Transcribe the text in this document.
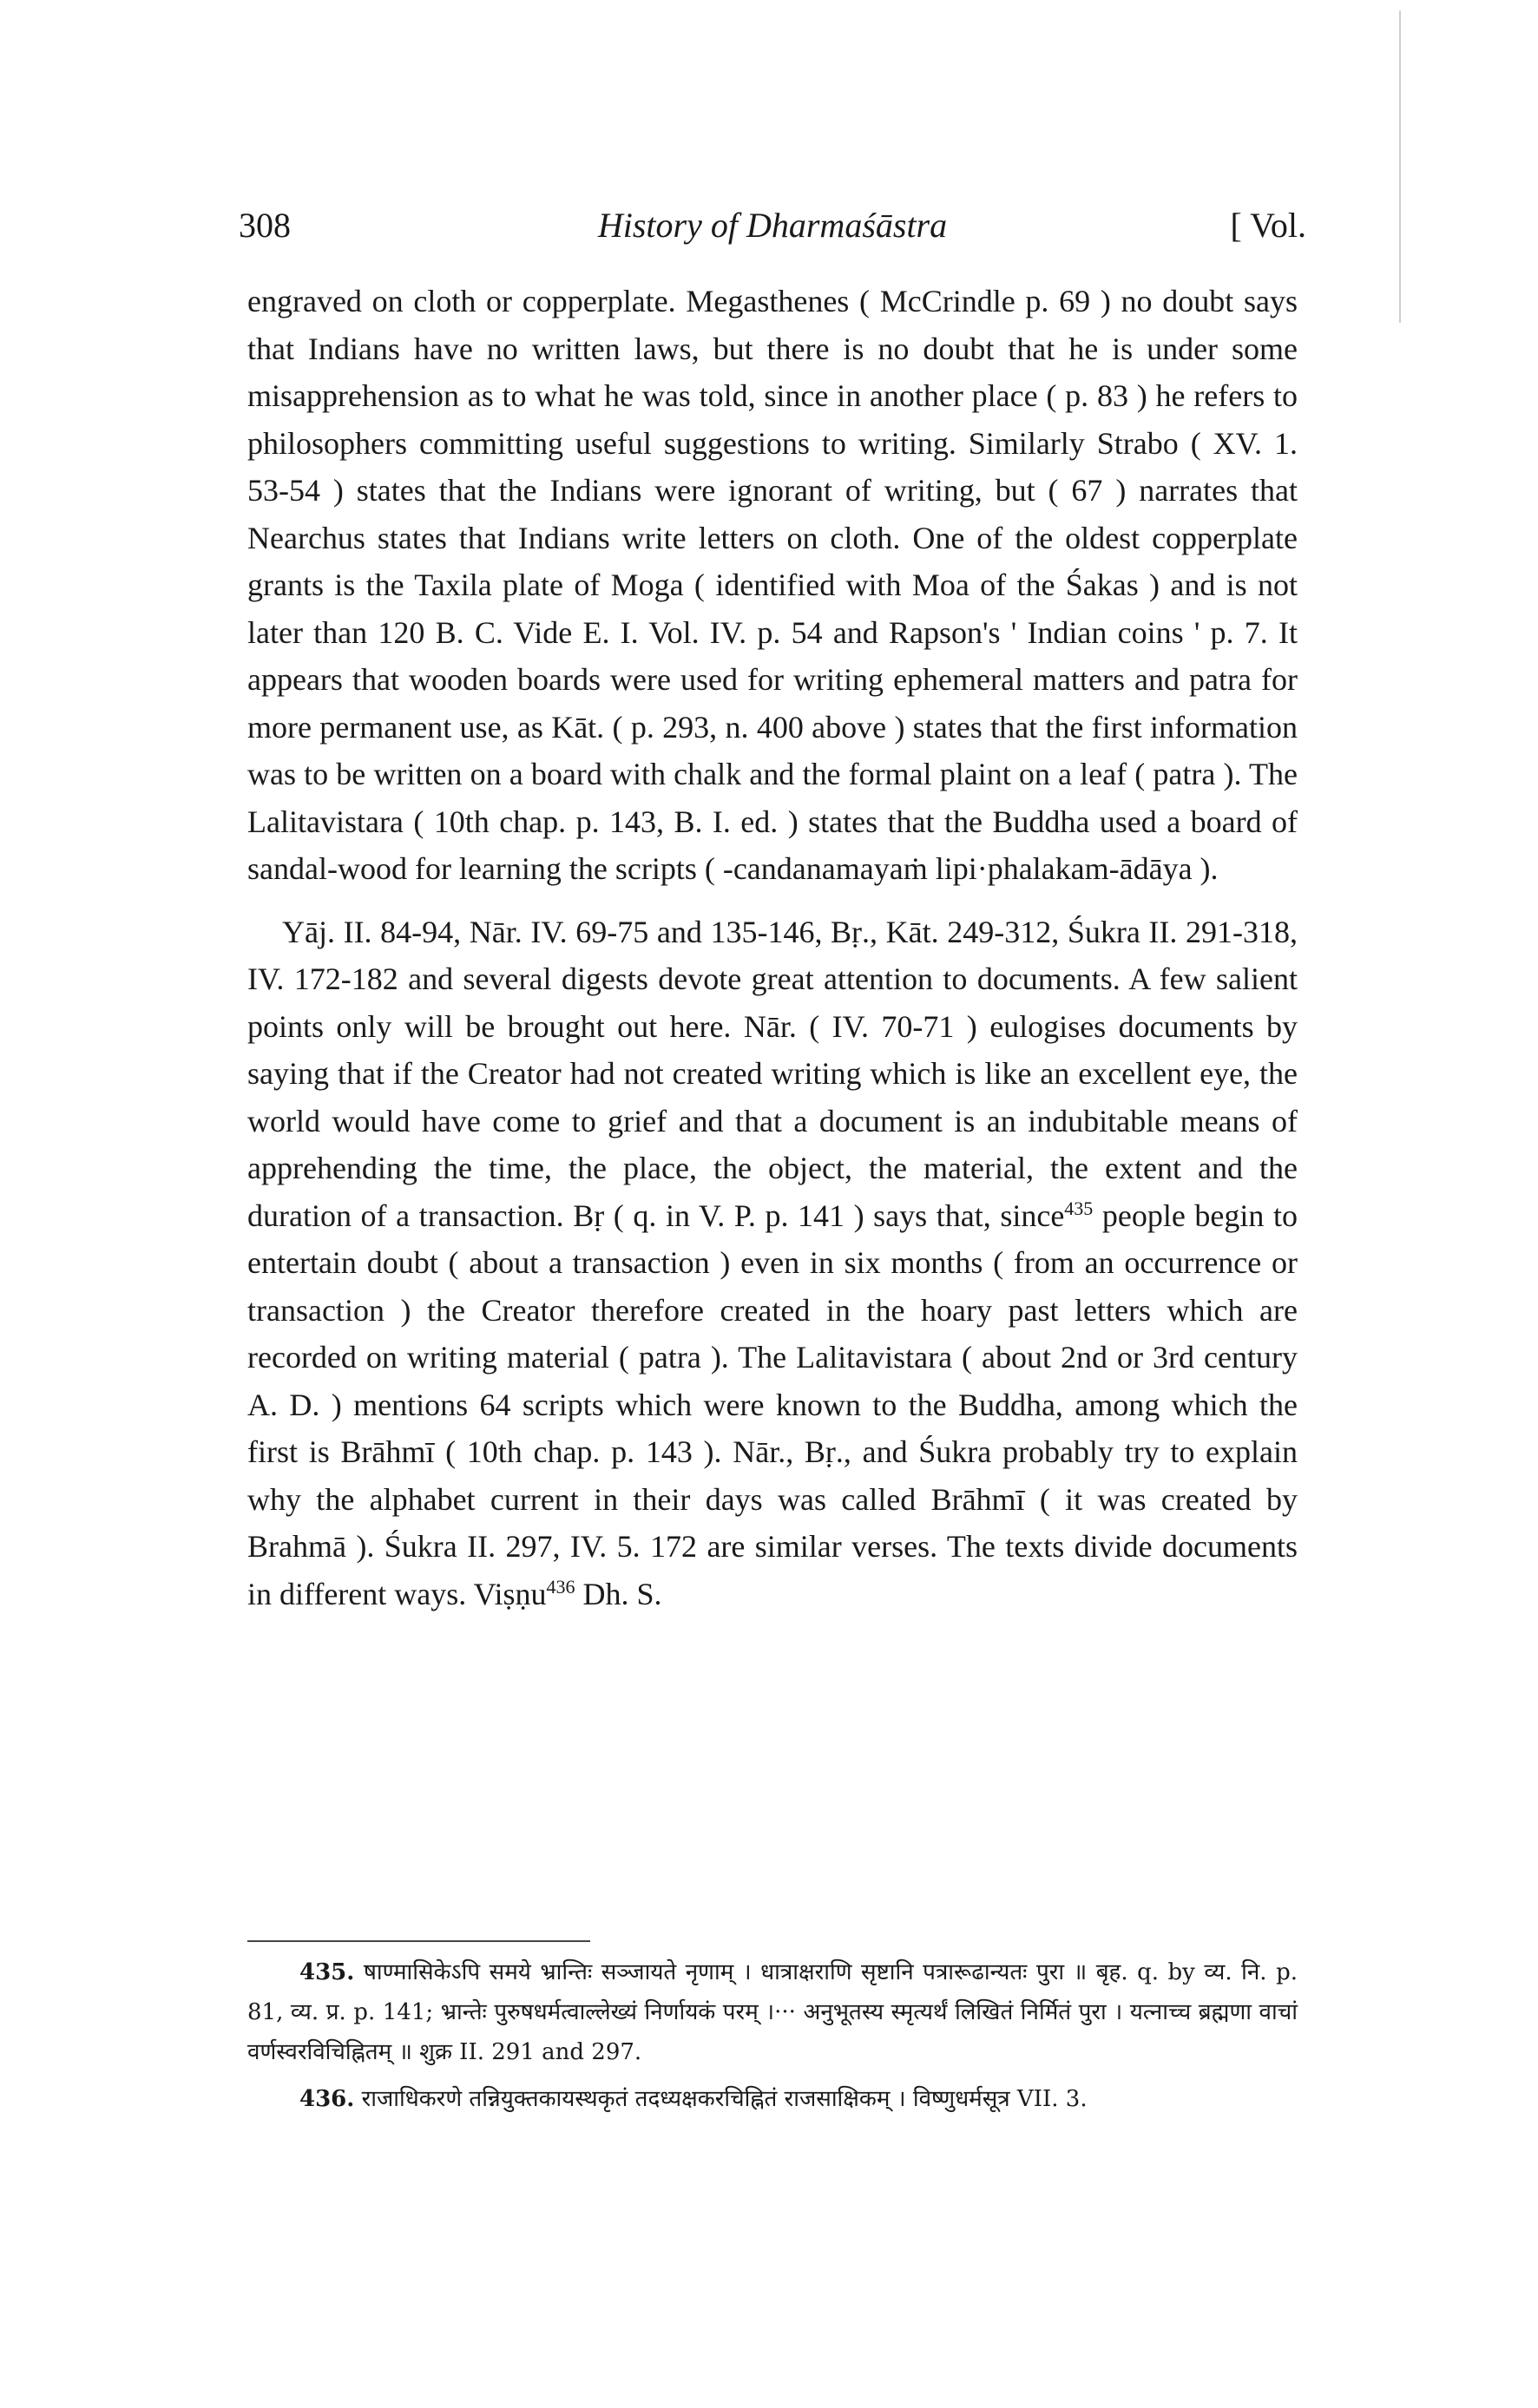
308	History of Dharmaśāstra	[ Vol.

engraved on cloth or copperplate. Megasthenes ( McCrindle p. 69 ) no doubt says that Indians have no written laws, but there is no doubt that he is under some misapprehension as to what he was told, since in another place ( p. 83 ) he refers to philosophers committing useful suggestions to writing. Similarly Strabo ( XV. 1. 53-54 ) states that the Indians were ignorant of writing, but ( 67 ) narrates that Nearchus states that Indians write letters on cloth. One of the oldest copperplate grants is the Taxila plate of Moga ( identified with Moa of the Śakas ) and is not later than 120 B. C. Vide E. I. Vol. IV. p. 54 and Rapson's ' Indian coins ' p. 7. It appears that wooden boards were used for writing ephemeral matters and patra for more permanent use, as Kāt. ( p. 293, n. 400 above ) states that the first information was to be written on a board with chalk and the formal plaint on a leaf ( patra ). The Lalitavistara ( 10th chap. p. 143, B. I. ed. ) states that the Buddha used a board of sandal-wood for learning the scripts ( -candanamayaṁ lipi·phalakam-ādāya ).

Yāj. II. 84-94, Nār. IV. 69-75 and 135-146, Bṛ., Kāt. 249-312, Śukra II. 291-318, IV. 172-182 and several digests devote great attention to documents. A few salient points only will be brought out here. Nār. ( IV. 70-71 ) eulogises documents by saying that if the Creator had not created writing which is like an excellent eye, the world would have come to grief and that a document is an indubitable means of apprehending the time, the place, the object, the material, the extent and the duration of a transaction. Bṛ ( q. in V. P. p. 141 ) says that, since$^{435}$ people begin to entertain doubt ( about a transaction ) even in six months ( from an occurrence or transaction ) the Creator therefore created in the hoary past letters which are recorded on writing material ( patra ). The Lalitavistara ( about 2nd or 3rd century A. D. ) mentions 64 scripts which were known to the Buddha, among which the first is Brāhmī ( 10th chap. p. 143 ). Nār., Bṛ., and Śukra probably try to explain why the alphabet current in their days was called Brāhmī ( it was created by Brahmā ). Śukra II. 297, IV. 5. 172 are similar verses. The texts divide documents in different ways. Viṣṇu$^{436}$ Dh. S.

435. षाण्मासिकेऽपि समये भ्रान्तिः सञ्जायते नृणाम् । धात्राक्षराणि सृष्टानि पत्रारूढान्यतः पुरा ॥ बृह. q. by व्य. नि. p. 81, व्य. प्र. p. 141; भ्रान्तेः पुरुषधर्मत्वाल्लेख्यं निर्णायकं परम् ।··· अनुभूतस्य स्मृत्यर्थं लिखितं निर्मितं पुरा । यत्नाच्च ब्रह्मणा वाचां वर्णस्वरविचिह्नितम् ॥ शुक्र II. 291 and 297.

436. राजाधिकरणे तन्नियुक्तकायस्थकृतं तदध्यक्षकरचिह्नितं राजसाक्षिकम् । विष्णुधर्मसूत्र VII. 3.
